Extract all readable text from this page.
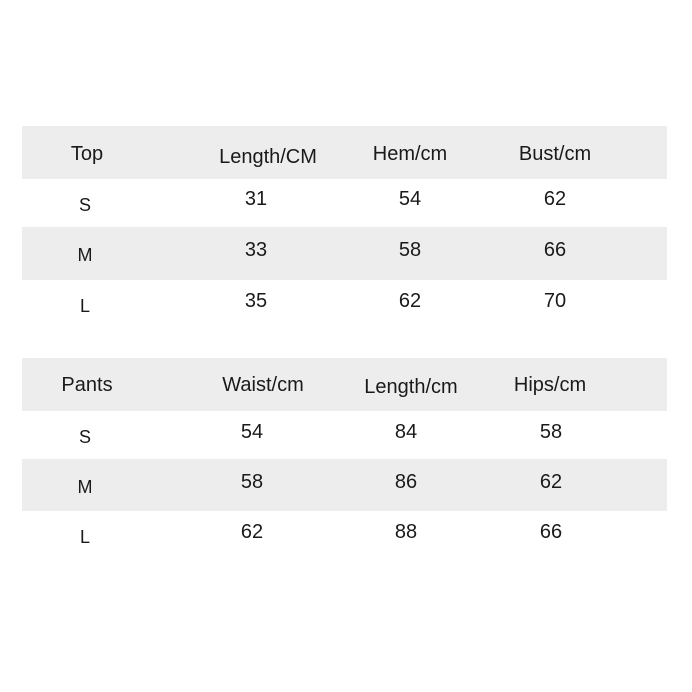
Top	Length/CM	Hem/cm	Bust/cm
S	31	54	62
M	33	58	66
L	35	62	70
Pants	Waist/cm	Length/cm	Hips/cm
S	54	84	58
M	58	86	62
L	62	88	66
